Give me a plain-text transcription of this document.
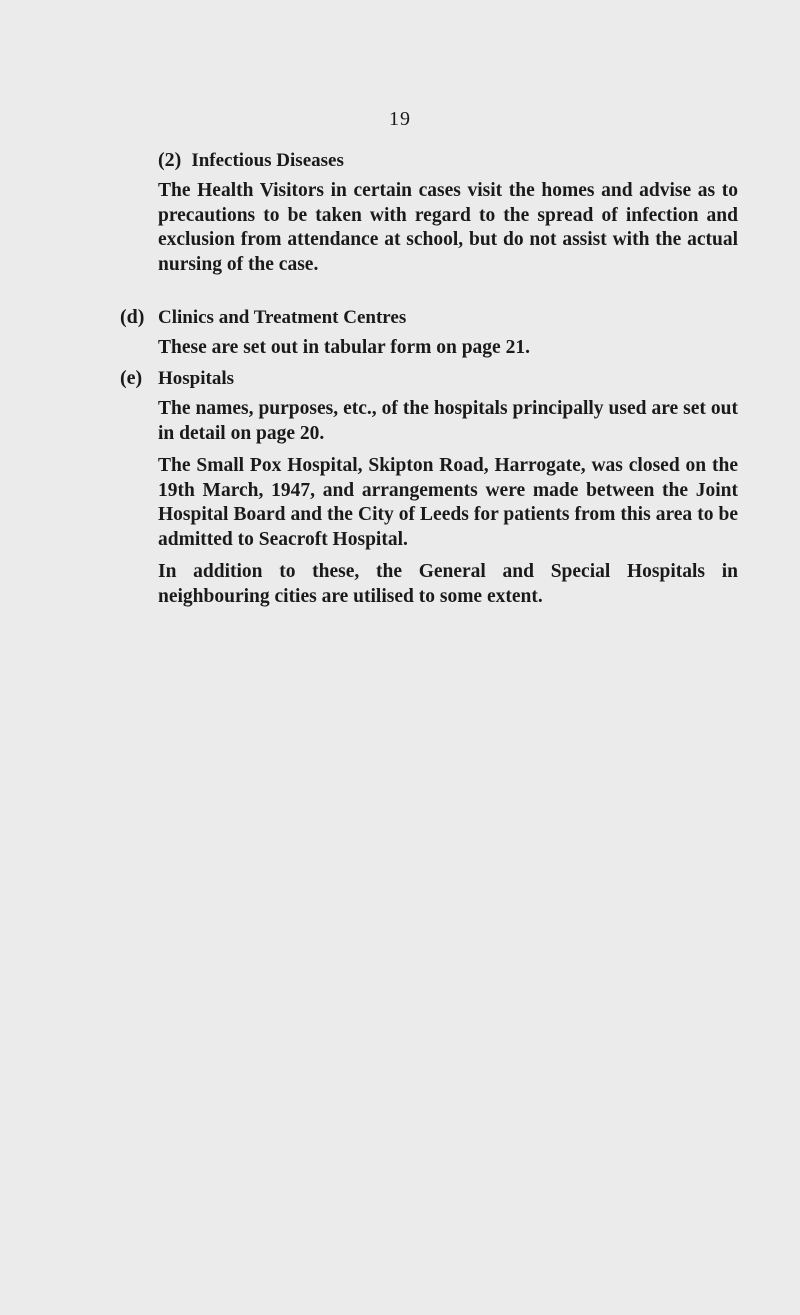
19
(2) Infectious Diseases

The Health Visitors in certain cases visit the homes and advise as to precautions to be taken with regard to the spread of infection and exclusion from attendance at school, but do not assist with the actual nursing of the case.

(d) Clinics and Treatment Centres

These are set out in tabular form on page 21.

(e) Hospitals

The names, purposes, etc., of the hospitals principally used are set out in detail on page 20.

The Small Pox Hospital, Skipton Road, Harrogate, was closed on the 19th March, 1947, and arrangements were made between the Joint Hospital Board and the City of Leeds for patients from this area to be admitted to Seacroft Hospital.

In addition to these, the General and Special Hospitals in neighbouring cities are utilised to some extent.
